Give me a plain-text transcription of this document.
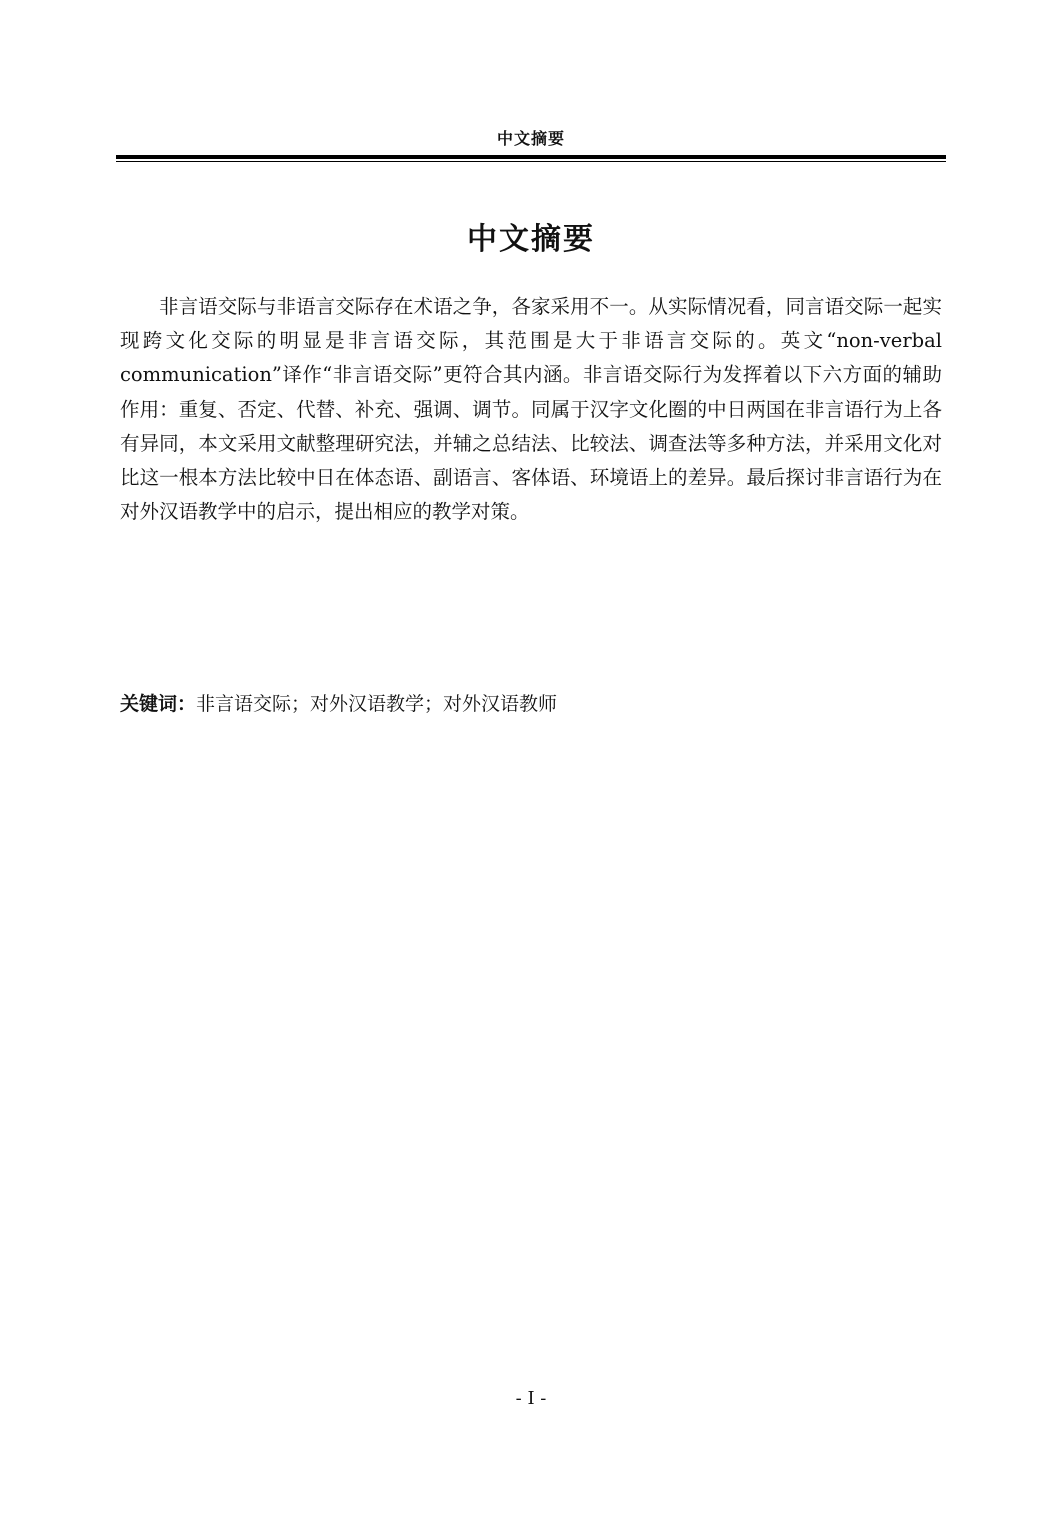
中文摘要
中文摘要

非言语交际与非语言交际存在术语之争，各家采用不一。从实际情况看，同言语交际一起实现跨文化交际的明显是非言语交际，其范围是大于非语言交际的。英文“non-verbal communication”译作“非言语交际”更符合其内涵。非言语交际行为发挥着以下六方面的辅助作用：重复、否定、代替、补充、强调、调节。同属于汉字文化圈的中日两国在非言语行为上各有异同，本文采用文献整理研究法，并辅之总结法、比较法、调查法等多种方法，并采用文化对比这一根本方法比较中日在体态语、副语言、客体语、环境语上的差异。最后探讨非言语行为在对外汉语教学中的启示，提出相应的教学对策。

关键词：非言语交际；对外汉语教学；对外汉语教师
- I -
